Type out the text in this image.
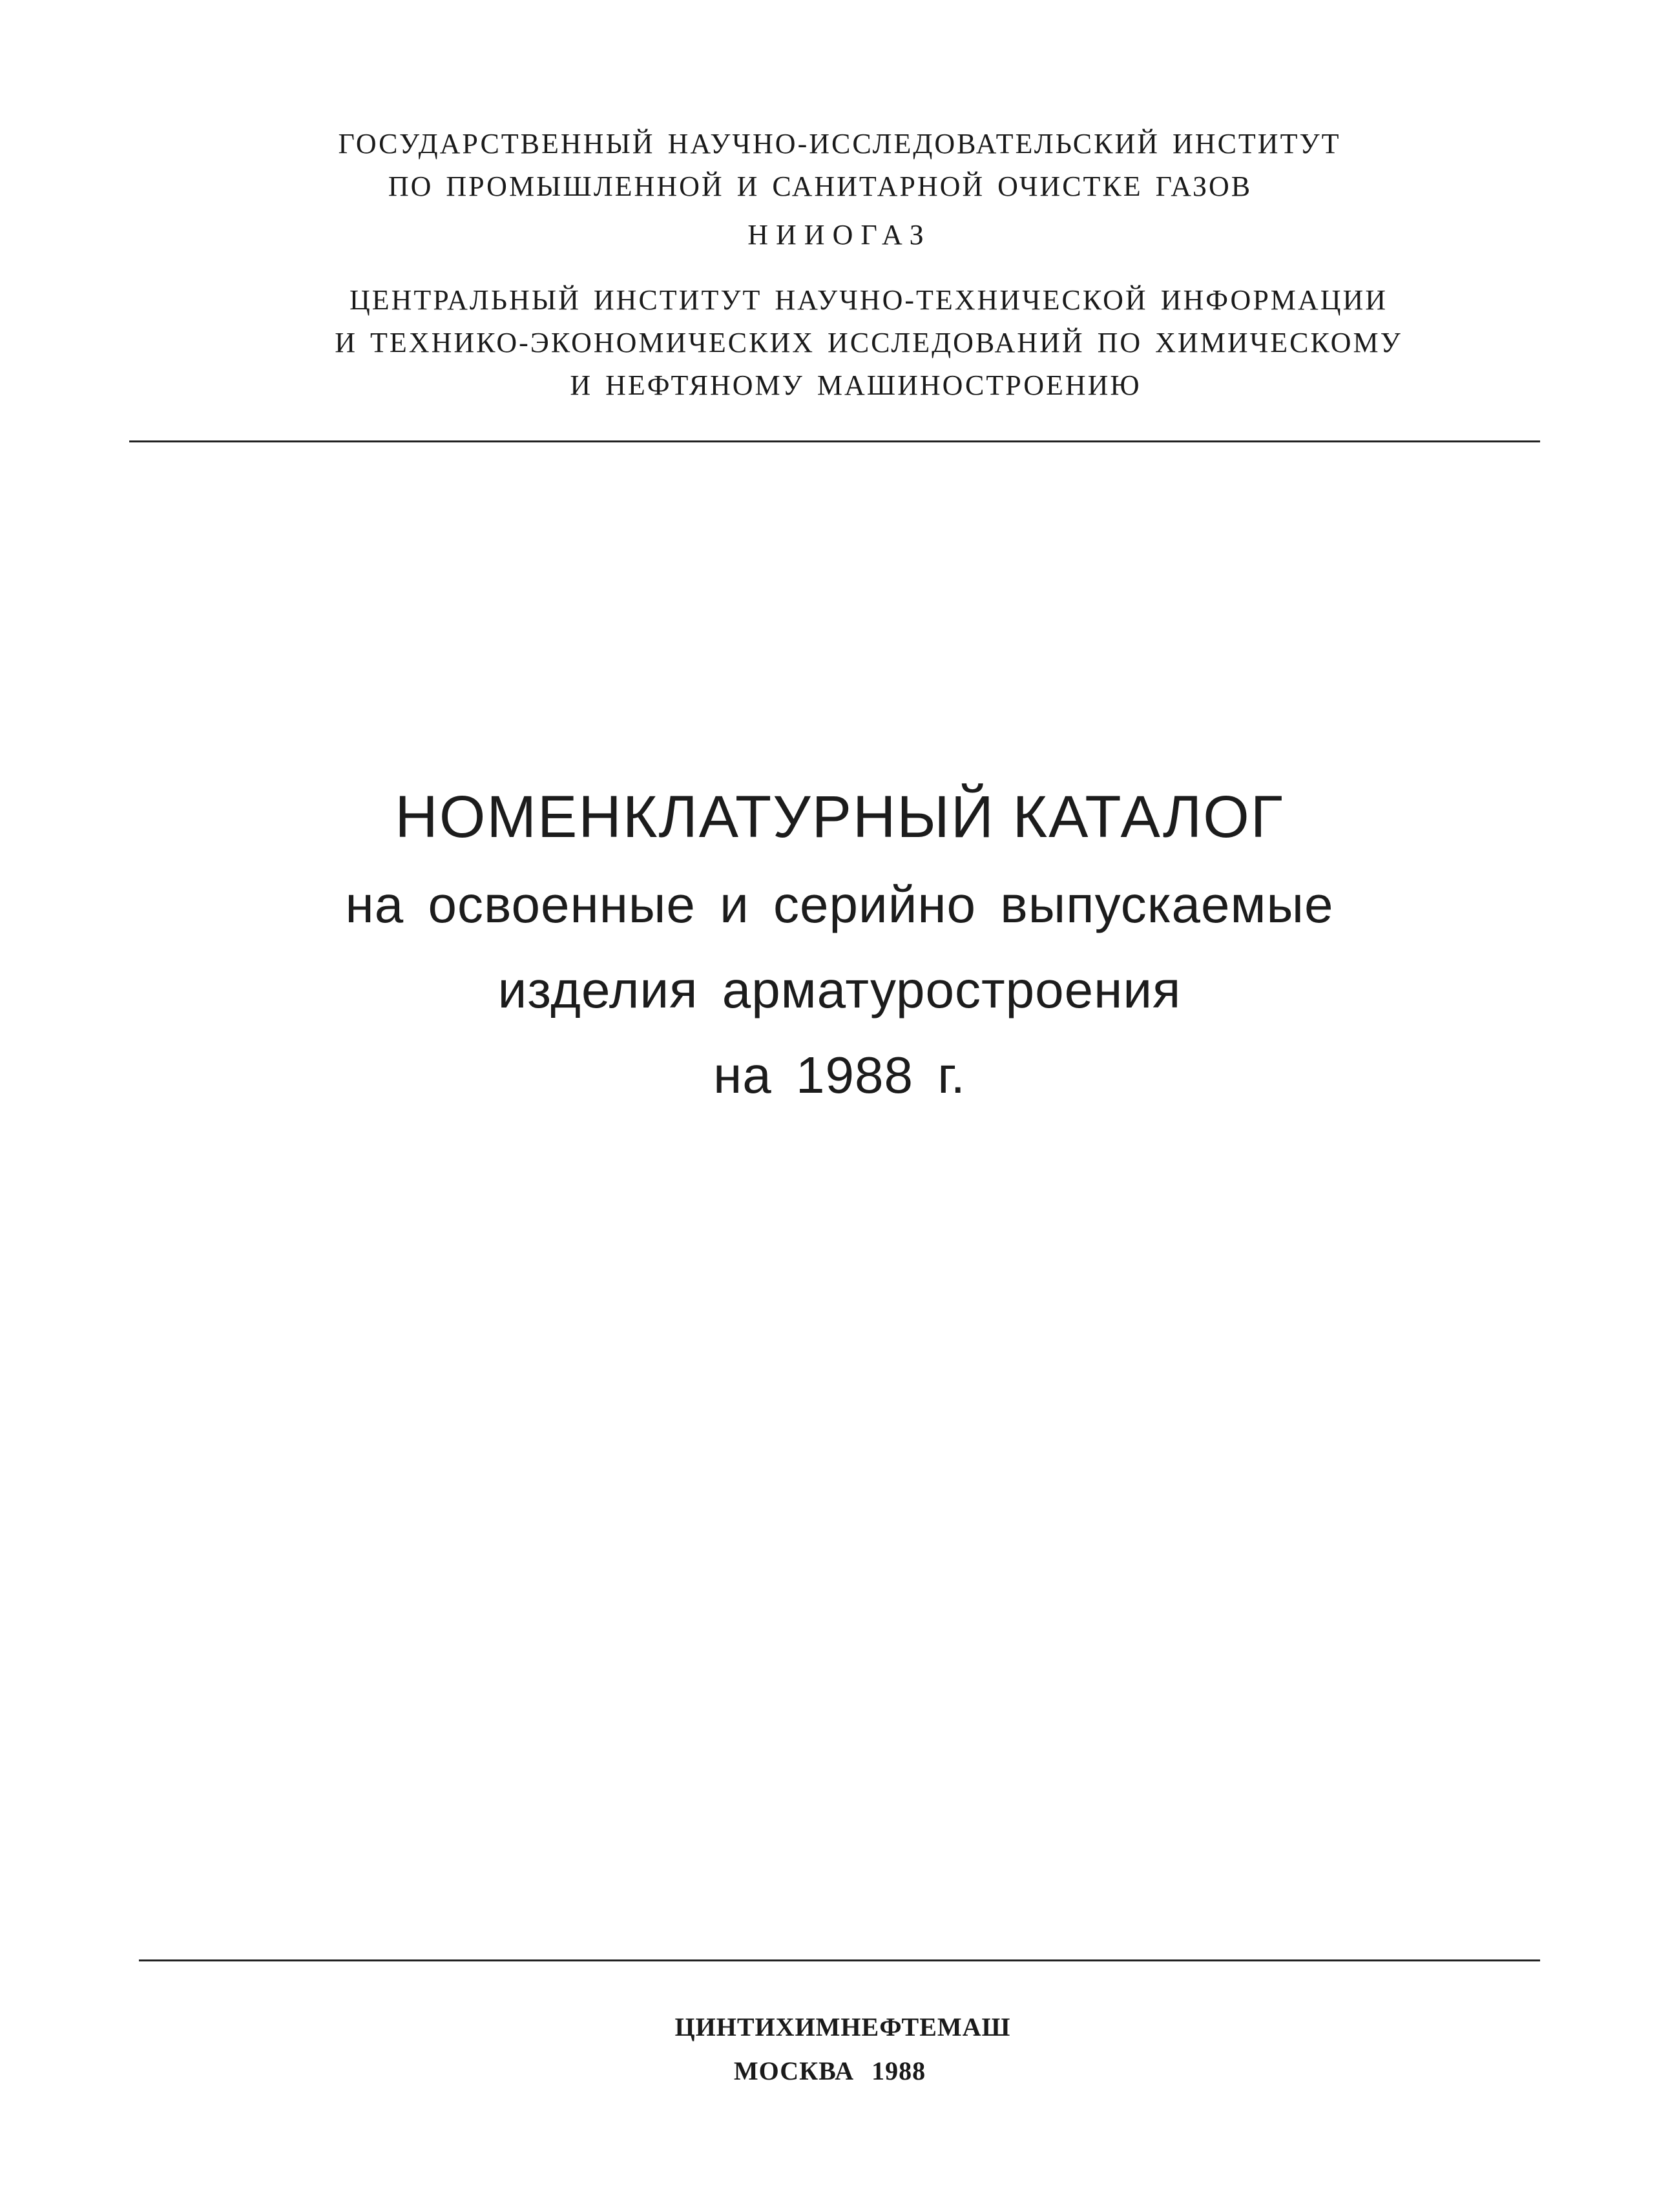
ГОСУДАРСТВЕННЫЙ НАУЧНО-ИССЛЕДОВАТЕЛЬСКИЙ ИНСТИТУТ
ПО ПРОМЫШЛЕННОЙ И САНИТАРНОЙ ОЧИСТКЕ ГАЗОВ
НИИОГАЗ
ЦЕНТРАЛЬНЫЙ ИНСТИТУТ НАУЧНО-ТЕХНИЧЕСКОЙ ИНФОРМАЦИИ
И ТЕХНИКО-ЭКОНОМИЧЕСКИХ ИССЛЕДОВАНИЙ ПО ХИМИЧЕСКОМУ
И НЕФТЯНОМУ МАШИНОСТРОЕНИЮ
НОМЕНКЛАТУРНЫЙ КАТАЛОГ
на освоенные и серийно выпускаемые
изделия арматуростроения
на 1988 г.
ЦИНТИХИМНЕФТЕМАШ
МОСКВА 1988
